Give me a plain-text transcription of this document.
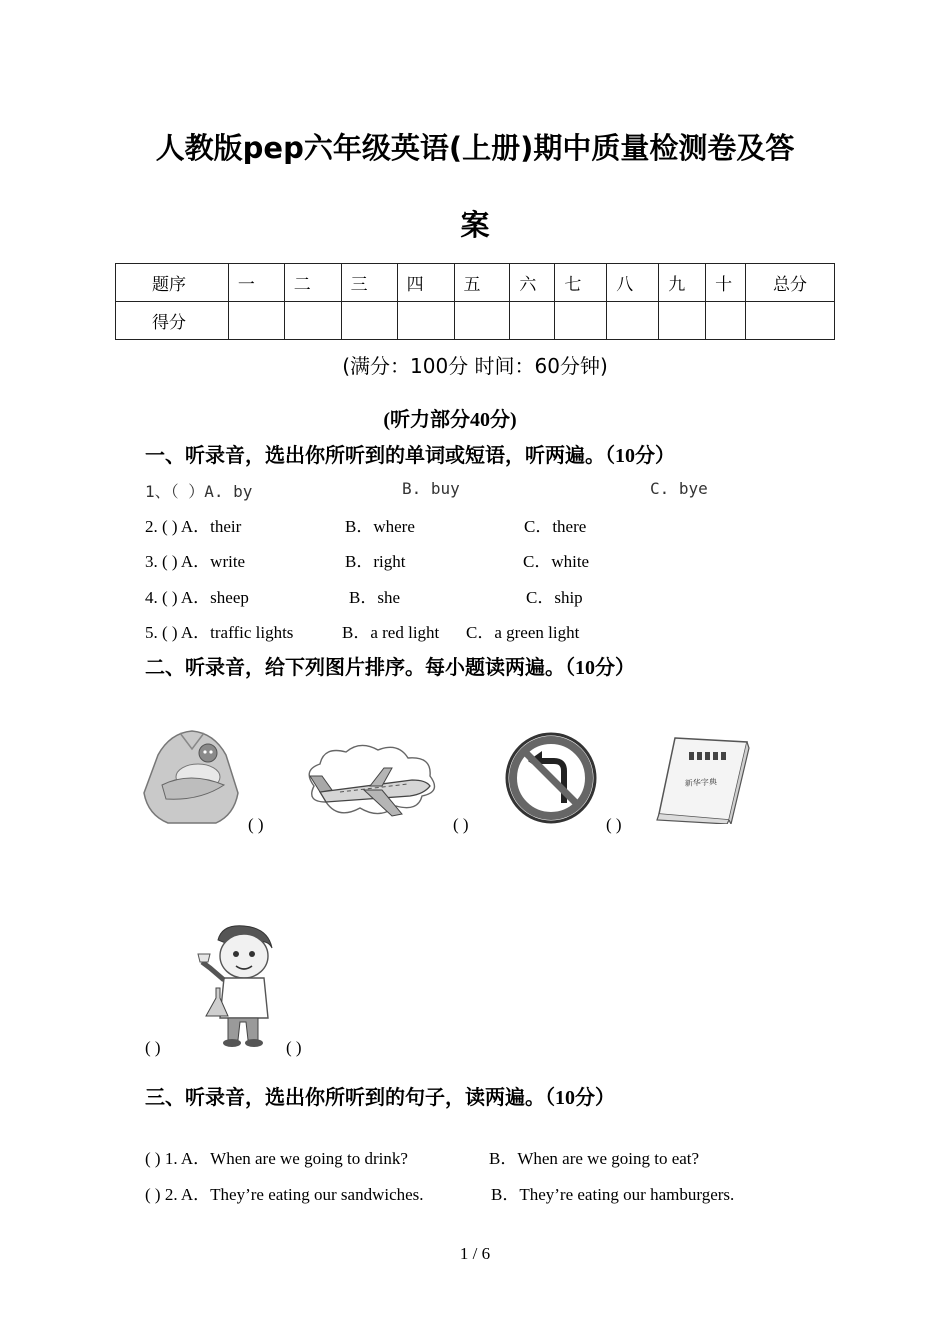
人教版pep六年级英语(上册)期中质量检测卷及答
案
题序	一	二	三	四	五	六	七	八	九	十	总分
得分											
(满分：100分 时间：60分钟)
(听力部分40分)
一、听录音，选出你所听到的单词或短语，听两遍。（10分）
1、（ ）A. by	B. buy	C. bye
2. ( ) A．their	B．where	C．there
3. ( ) A．write	B．right	C．white
4. ( ) A．sheep	B．she	C．ship
5. ( ) A．traffic lights	B．a red light C．a green light
二、听录音，给下列图片排序。每小题读两遍。（10分）
( )	( )	( )
新华字典
( )	( )
三、听录音，选出你所听到的句子，读两遍。（10分）
( ) 1. A．When are we going to drink?	B．When are we going to eat?
( ) 2. A．They’re eating our sandwiches.	B．They’re eating our hamburgers.
1 / 6
